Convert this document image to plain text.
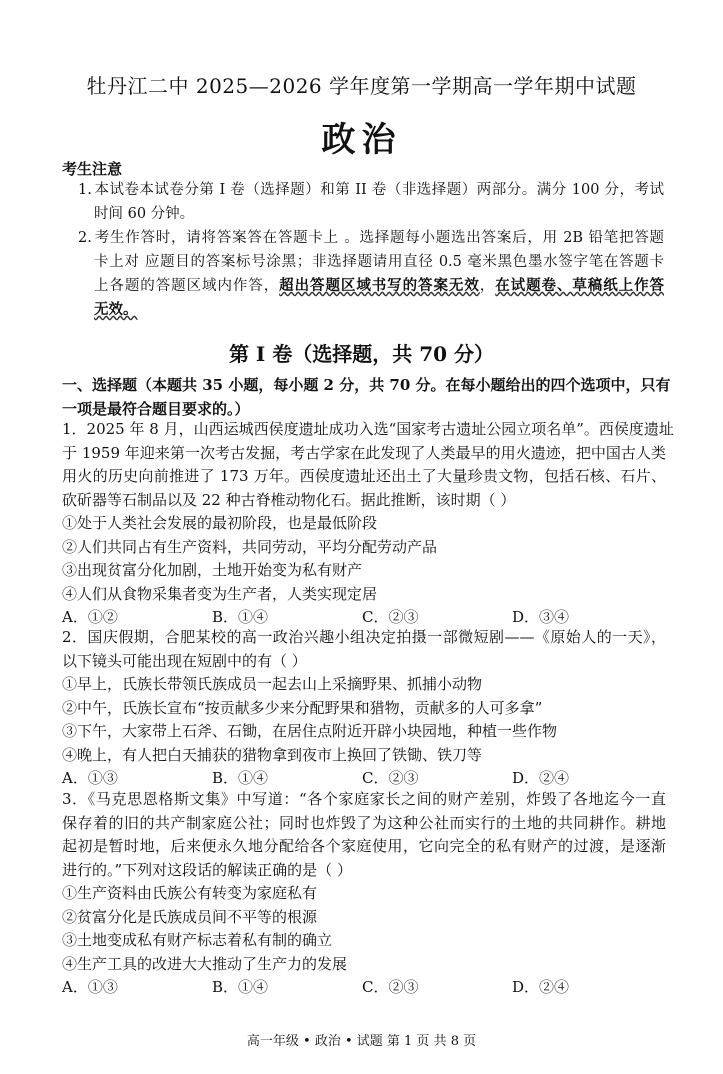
牡丹江二中 2025—2026 学年度第一学期高一学年期中试题
政治
考生注意
1. 本试卷本试卷分第 I 卷（选择题）和第 II 卷（非选择题）两部分。满分 100 分，考试
时间 60 分钟。
2. 考生作答时，请将答案答在答题卡上 。选择题每小题选出答案后，用 2B 铅笔把答题
卡上对 应题目的答案标号涂黑；非选择题请用直径 0.5 毫米黑色墨水签字笔在答题卡
上各题的答题区域内作答，超出答题区域书写的答案无效，在试题卷、草稿纸上作答
无效。
第 I 卷（选择题，共 70 分）
一、选择题（本题共 35 小题，每小题 2 分，共 70 分。在每小题给出的四个选项中，只有
一项是最符合题目要求的。）
1．2025 年 8 月，山西运城西侯度遗址成功入选“国家考古遗址公园立项名单”。西侯度遗址
于 1959 年迎来第一次考古发掘，考古学家在此发现了人类最早的用火遗迹，把中国古人类
用火的历史向前推进了 173 万年。西侯度遗址还出土了大量珍贵文物，包括石核、石片、
砍斫器等石制品以及 22 种古脊椎动物化石。据此推断，该时期（ ）
①处于人类社会发展的最初阶段，也是最低阶段
②人们共同占有生产资料，共同劳动，平均分配劳动产品
③出现贫富分化加剧，土地开始变为私有财产
④人们从食物采集者变为生产者，人类实现定居
A．①②	B．①④	C．②③	D．③④
2．国庆假期，合肥某校的高一政治兴趣小组决定拍摄一部微短剧——《原始人的一天》，
以下镜头可能出现在短剧中的有（ ）
①早上，氏族长带领氏族成员一起去山上采摘野果、抓捕小动物
②中午，氏族长宣布“按贡献多少来分配野果和猎物，贡献多的人可多拿”
③下午，大家带上石斧、石锄，在居住点附近开辟小块园地，种植一些作物
④晚上，有人把白天捕获的猎物拿到夜市上换回了铁锄、铁刀等
A．①③	B．①④	C．②③	D．②④
3．《马克思恩格斯文集》中写道：“各个家庭家长之间的财产差别，炸毁了各地迄今一直
保存着的旧的共产制家庭公社；同时也炸毁了为这种公社而实行的土地的共同耕作。耕地
起初是暂时地，后来便永久地分配给各个家庭使用，它向完全的私有财产的过渡，是逐渐
进行的。”下列对这段话的解读正确的是（ ）
①生产资料由氏族公有转变为家庭私有
②贫富分化是氏族成员间不平等的根源
③土地变成私有财产标志着私有制的确立
④生产工具的改进大大推动了生产力的发展
A．①③	B．①④	C．②③	D．②④
高一年级 • 政治 • 试题 第 1 页 共 8 页
